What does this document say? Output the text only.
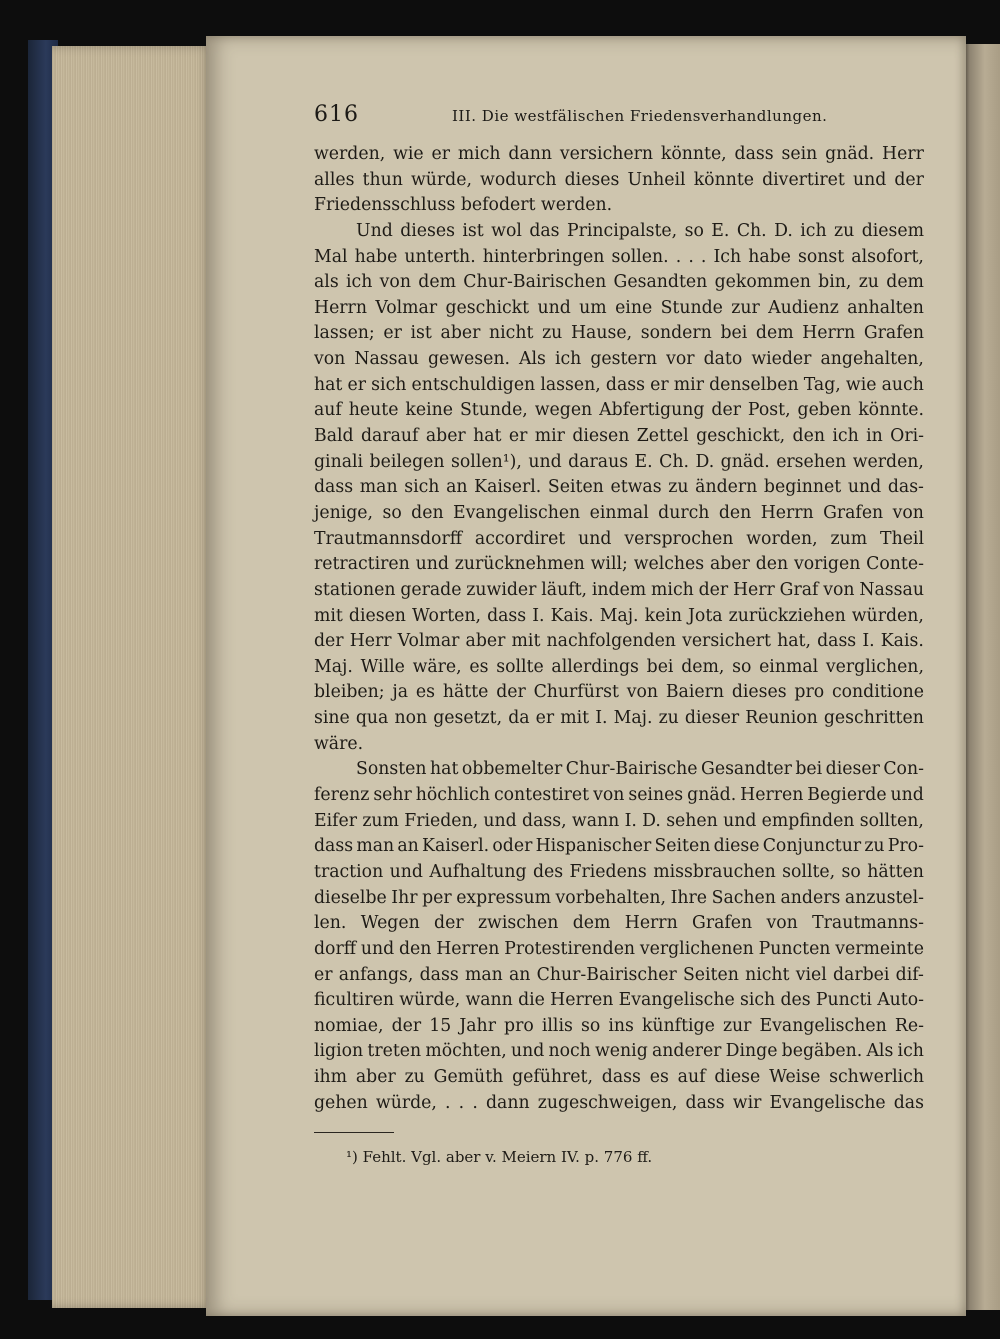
616	III. Die westfälischen Friedensverhandlungen.
werden, wie er mich dann versichern könnte, dass sein gnäd. Herr
alles thun würde, wodurch dieses Unheil könnte divertiret und der
Friedensschluss befodert werden.
Und dieses ist wol das Principalste, so E. Ch. D. ich zu diesem
Mal habe unterth. hinterbringen sollen. . . . Ich habe sonst alsofort,
als ich von dem Chur-Bairischen Gesandten gekommen bin, zu dem
Herrn Volmar geschickt und um eine Stunde zur Audienz anhalten
lassen; er ist aber nicht zu Hause, sondern bei dem Herrn Grafen
von Nassau gewesen. Als ich gestern vor dato wieder angehalten,
hat er sich entschuldigen lassen, dass er mir denselben Tag, wie auch
auf heute keine Stunde, wegen Abfertigung der Post, geben könnte.
Bald darauf aber hat er mir diesen Zettel geschickt, den ich in Ori-
ginali beilegen sollen¹), und daraus E. Ch. D. gnäd. ersehen werden,
dass man sich an Kaiserl. Seiten etwas zu ändern beginnet und das-
jenige, so den Evangelischen einmal durch den Herrn Grafen von
Trautmannsdorff accordiret und versprochen worden, zum Theil
retractiren und zurücknehmen will; welches aber den vorigen Conte-
stationen gerade zuwider läuft, indem mich der Herr Graf von Nassau
mit diesen Worten, dass I. Kais. Maj. kein Jota zurückziehen würden,
der Herr Volmar aber mit nachfolgenden versichert hat, dass I. Kais.
Maj. Wille wäre, es sollte allerdings bei dem, so einmal verglichen,
bleiben; ja es hätte der Churfürst von Baiern dieses pro conditione
sine qua non gesetzt, da er mit I. Maj. zu dieser Reunion geschritten
wäre.
Sonsten hat obbemelter Chur-Bairische Gesandter bei dieser Con-
ferenz sehr höchlich contestiret von seines gnäd. Herren Begierde und
Eifer zum Frieden, und dass, wann I. D. sehen und empfinden sollten,
dass man an Kaiserl. oder Hispanischer Seiten diese Conjunctur zu Pro-
traction und Aufhaltung des Friedens missbrauchen sollte, so hätten
dieselbe Ihr per expressum vorbehalten, Ihre Sachen anders anzustel-
len. Wegen der zwischen dem Herrn Grafen von Trautmanns-
dorff und den Herren Protestirenden verglichenen Puncten vermeinte
er anfangs, dass man an Chur-Bairischer Seiten nicht viel darbei dif-
ficultiren würde, wann die Herren Evangelische sich des Puncti Auto-
nomiae, der 15 Jahr pro illis so ins künftige zur Evangelischen Re-
ligion treten möchten, und noch wenig anderer Dinge begäben. Als ich
ihm aber zu Gemüth geführet, dass es auf diese Weise schwerlich
gehen würde, . . . dann zugeschweigen, dass wir Evangelische das
¹) Fehlt. Vgl. aber v. Meiern IV. p. 776 ff.
